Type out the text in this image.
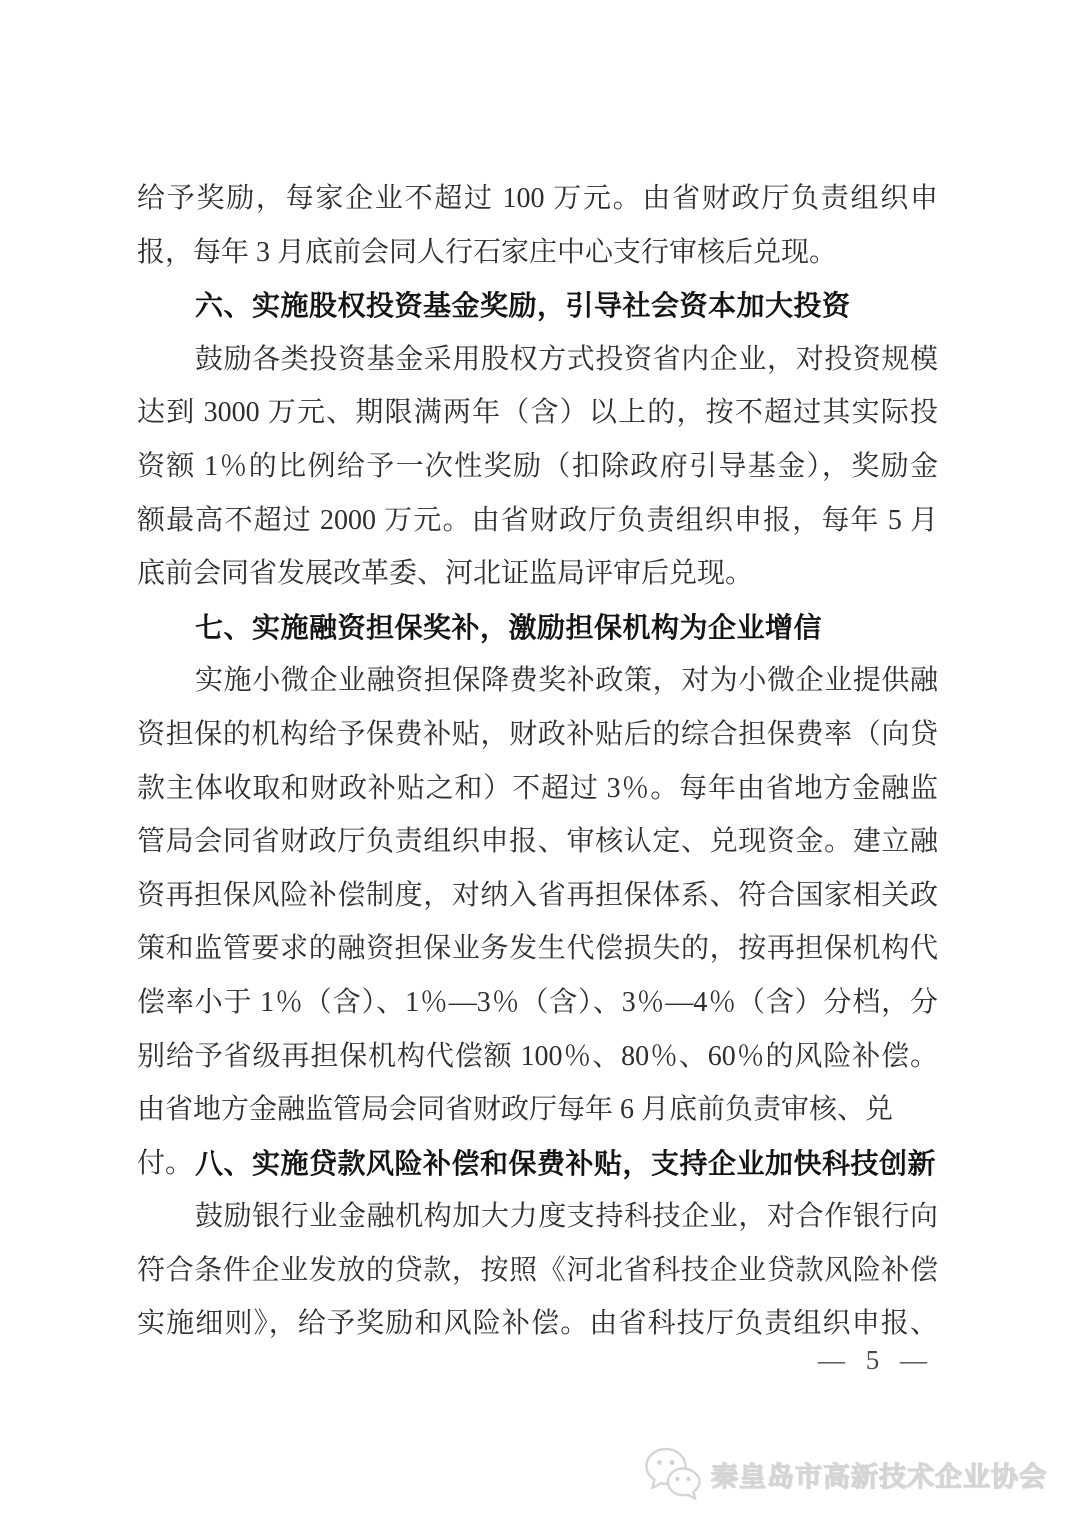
给予奖励，每家企业不超过 100 万元。由省财政厅负责组织申
报，每年 3 月底前会同人行石家庄中心支行审核后兑现。
六、实施股权投资基金奖励，引导社会资本加大投资
鼓励各类投资基金采用股权方式投资省内企业，对投资规模
达到 3000 万元、期限满两年（含）以上的，按不超过其实际投
资额 1％的比例给予一次性奖励（扣除政府引导基金），奖励金
额最高不超过 2000 万元。由省财政厅负责组织申报，每年 5 月
底前会同省发展改革委、河北证监局评审后兑现。
七、实施融资担保奖补，激励担保机构为企业增信
实施小微企业融资担保降费奖补政策，对为小微企业提供融
资担保的机构给予保费补贴，财政补贴后的综合担保费率（向贷
款主体收取和财政补贴之和）不超过 3％。每年由省地方金融监
管局会同省财政厅负责组织申报、审核认定、兑现资金。建立融
资再担保风险补偿制度，对纳入省再担保体系、符合国家相关政
策和监管要求的融资担保业务发生代偿损失的，按再担保机构代
偿率小于 1％（含）、1％—3％（含）、3％—4％（含）分档，分
别给予省级再担保机构代偿额 100％、80％、60％的风险补偿。
由省地方金融监管局会同省财政厅每年 6 月底前负责审核、兑付。 八、实施贷款风险补偿和保费补贴，支持企业加快科技创新
鼓励银行业金融机构加大力度支持科技企业，对合作银行向
符合条件企业发放的贷款，按照《河北省科技企业贷款风险补偿
实施细则》，给予奖励和风险补偿。由省科技厅负责组织申报、
— 5 —
秦皇岛市高新技术企业协会
